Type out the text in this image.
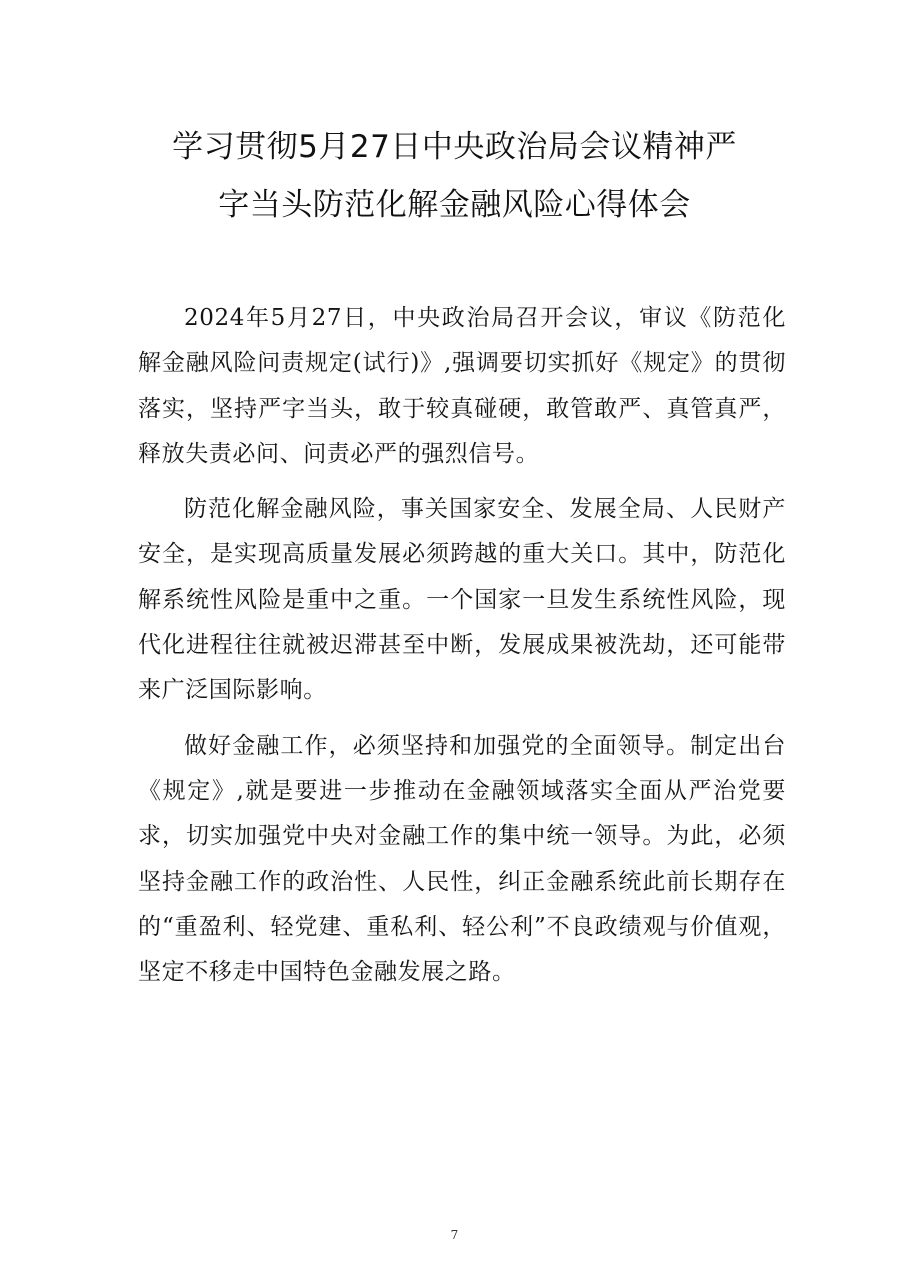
学习贯彻5月27日中央政治局会议精神严
字当头防范化解金融风险心得体会

2024年5月27日，中央政治局召开会议，审议《防范化解金融风险问责规定(试行)》,强调要切实抓好《规定》的贯彻落实，坚持严字当头，敢于较真碰硬，敢管敢严、真管真严，释放失责必问、问责必严的强烈信号。

防范化解金融风险，事关国家安全、发展全局、人民财产安全，是实现高质量发展必须跨越的重大关口。其中，防范化解系统性风险是重中之重。一个国家一旦发生系统性风险，现代化进程往往就被迟滞甚至中断，发展成果被洗劫，还可能带来广泛国际影响。

做好金融工作，必须坚持和加强党的全面领导。制定出台《规定》,就是要进一步推动在金融领域落实全面从严治党要求，切实加强党中央对金融工作的集中统一领导。为此，必须坚持金融工作的政治性、人民性，纠正金融系统此前长期存在的“重盈利、轻党建、重私利、轻公利”不良政绩观与价值观，坚定不移走中国特色金融发展之路。

7
